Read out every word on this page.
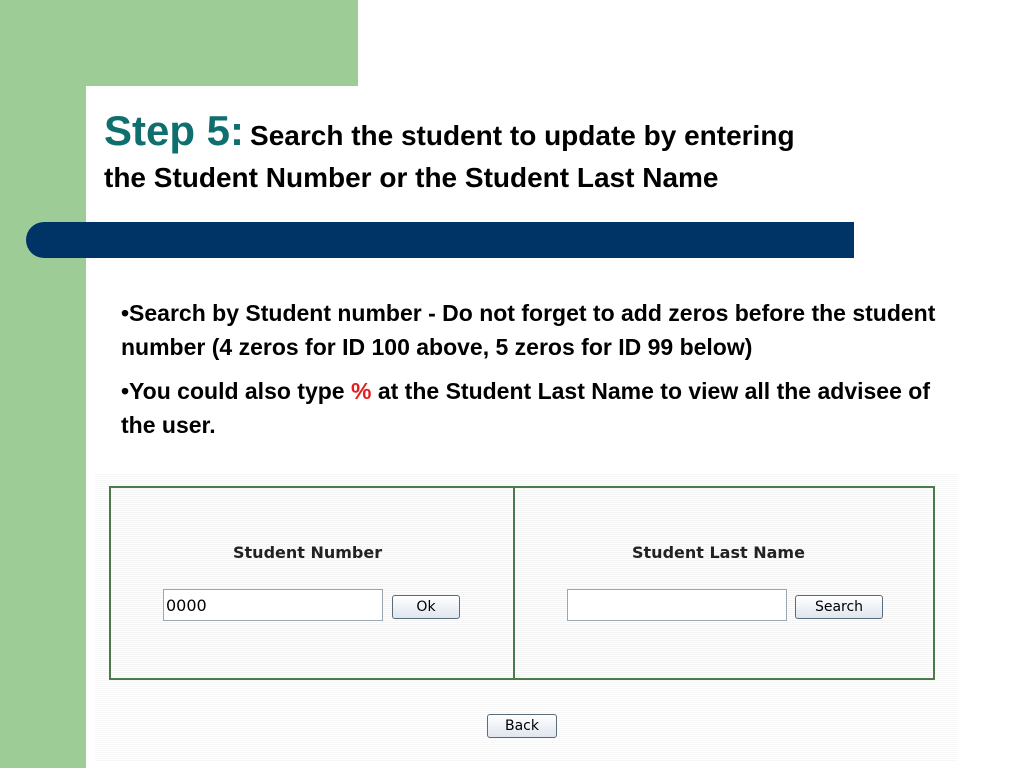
Step 5: Search the student to update by entering
the Student Number or the Student Last Name

•Search by Student number - Do not forget to add zeros before the student number (4 zeros for ID 100 above, 5 zeros for ID 99 below)

•You could also type % at the Student Last Name to view all the advisee of the user.

Student Number
0000
Ok
Student Last Name
Search
Back
